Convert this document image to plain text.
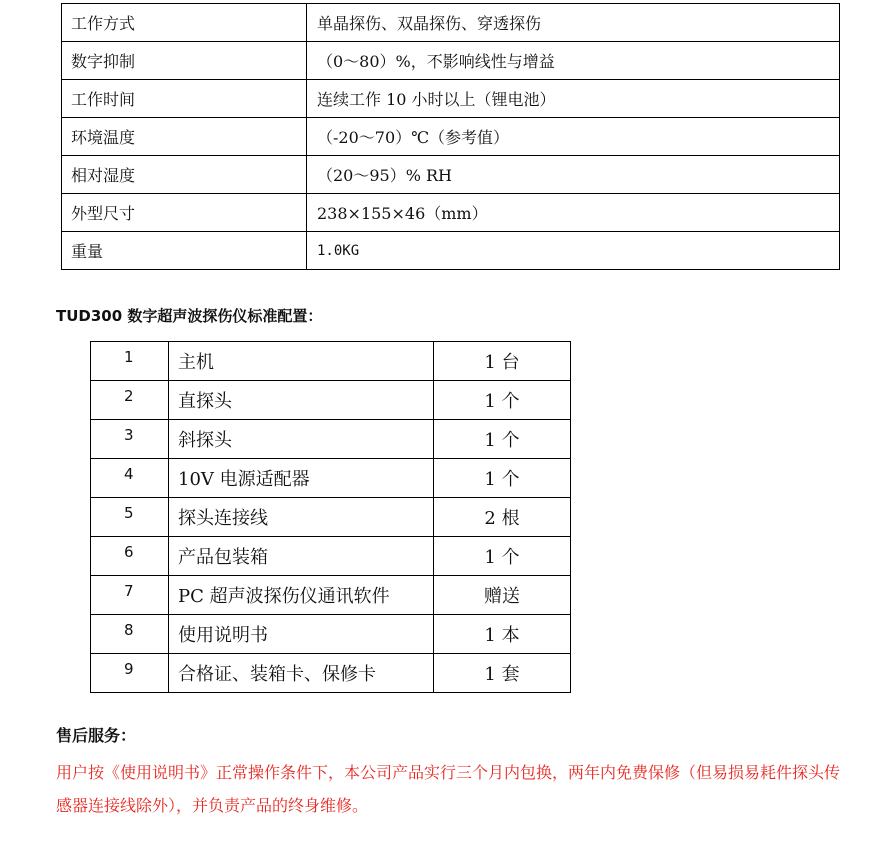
工作方式	单晶探伤、双晶探伤、穿透探伤
数字抑制	（0～80）%，不影响线性与增益
工作时间	连续工作 10 小时以上（锂电池）
环境温度	（-20～70）℃（参考值）
相对湿度	（20～95）% RH
外型尺寸	238×155×46（mm）
重量	1.0KG
TUD300 数字超声波探伤仪标准配置：
1	主机	1 台
2	直探头	1 个
3	斜探头	1 个
4	10V 电源适配器	1 个
5	探头连接线	2 根
6	产品包装箱	1 个
7	PC 超声波探伤仪通讯软件	赠送
8	使用说明书	1 本
9	合格证、装箱卡、保修卡	1 套
售后服务：

用户按《使用说明书》正常操作条件下，本公司产品实行三个月内包换，两年内免费保修（但易损易耗件探头传感器连接线除外），并负责产品的终身维修。
